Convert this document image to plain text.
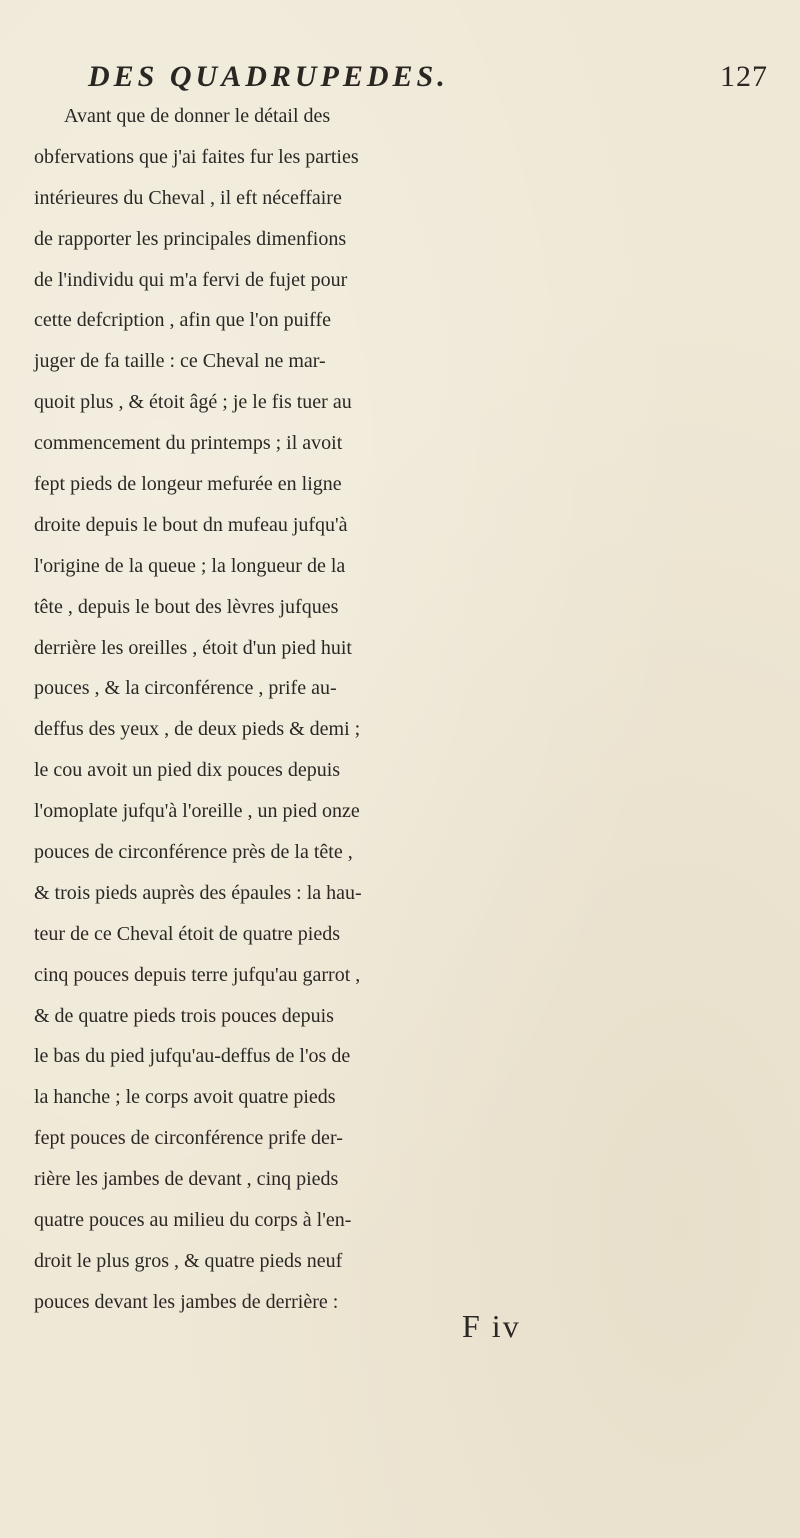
DES QUADRUPEDES.	127
Avant que de donner le détail des
obfervations que j'ai faites fur les parties
intérieures du Cheval , il eft néceffaire
de rapporter les principales dimenfions
de l'individu qui m'a fervi de fujet pour
cette defcription , afin que l'on puiffe
juger de fa taille : ce Cheval ne mar-
quoit plus , & étoit âgé ; je le fis tuer au
commencement du printemps ; il avoit
fept pieds de longeur mefurée en ligne
droite depuis le bout dn mufeau jufqu'à
l'origine de la queue ; la longueur de la
tête , depuis le bout des lèvres jufques
derrière les oreilles , étoit d'un pied huit
pouces , & la circonférence , prife au-
deffus des yeux , de deux pieds & demi ;
le cou avoit un pied dix pouces depuis
l'omoplate jufqu'à l'oreille , un pied onze
pouces de circonférence près de la tête ,
& trois pieds auprès des épaules : la hau-
teur de ce Cheval étoit de quatre pieds
cinq pouces depuis terre jufqu'au garrot ,
& de quatre pieds trois pouces depuis
le bas du pied jufqu'au-deffus de l'os de
la hanche ; le corps avoit quatre pieds
fept pouces de circonférence prife der-
rière les jambes de devant , cinq pieds
quatre pouces au milieu du corps à l'en-
droit le plus gros , & quatre pieds neuf
pouces devant les jambes de derrière :
F iv
